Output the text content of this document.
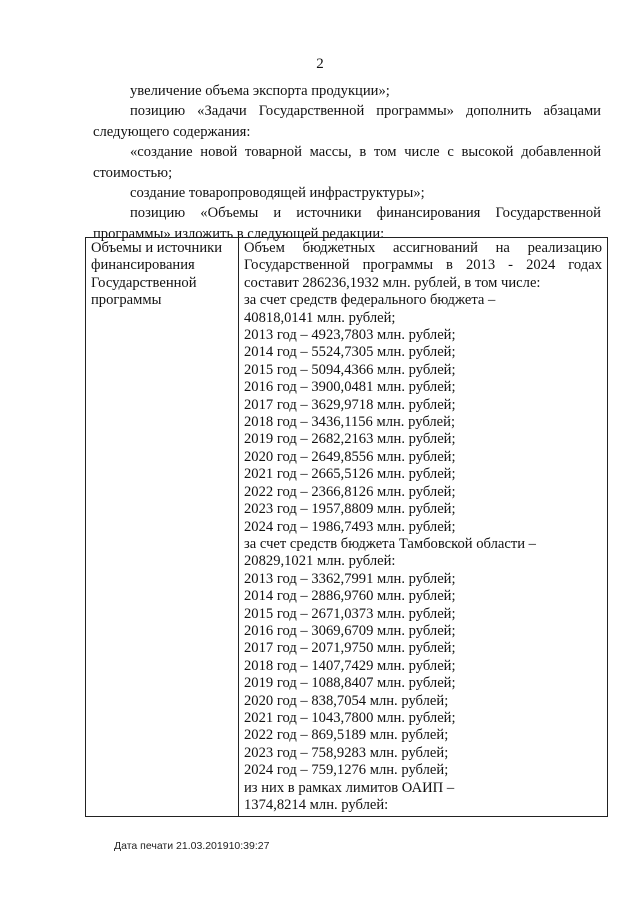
2

увеличение объема экспорта продукции»;

позицию «Задачи Государственной программы» дополнить абзацами следующего содержания:

«создание новой товарной массы, в том числе с высокой добавленной стоимостью;

создание товаропроводящей инфраструктуры»;

позицию «Объемы и источники финансирования Государственной программы» изложить в следующей редакции:

Объемы и источники финансирования Государственной программы	
Объем бюджетных ассигнований на реализацию Государственной программы в 2013 - 2024 годах составит 286236,1932 млн. рублей, в том числе:
за счет средств федерального бюджета –
40818,0141 млн. рублей;
2013 год – 4923,7803 млн. рублей;
2014 год – 5524,7305 млн. рублей;
2015 год – 5094,4366 млн. рублей;
2016 год – 3900,0481 млн. рублей;
2017 год – 3629,9718 млн. рублей;
2018 год – 3436,1156 млн. рублей;
2019 год – 2682,2163 млн. рублей;
2020 год – 2649,8556 млн. рублей;
2021 год – 2665,5126 млн. рублей;
2022 год – 2366,8126 млн. рублей;
2023 год – 1957,8809 млн. рублей;
2024 год – 1986,7493 млн. рублей;
за счет средств бюджета Тамбовской области –
20829,1021 млн. рублей:
2013 год – 3362,7991 млн. рублей;
2014 год – 2886,9760 млн. рублей;
2015 год – 2671,0373 млн. рублей;
2016 год – 3069,6709 млн. рублей;
2017 год – 2071,9750 млн. рублей;
2018 год – 1407,7429 млн. рублей;
2019 год – 1088,8407 млн. рублей;
2020 год – 838,7054 млн. рублей;
2021 год – 1043,7800 млн. рублей;
2022 год – 869,5189 млн. рублей;
2023 год – 758,9283 млн. рублей;
2024 год – 759,1276 млн. рублей;
из них в рамках лимитов ОАИП –
1374,8214 млн. рублей:
Дата печати 21.03.201910:39:27
